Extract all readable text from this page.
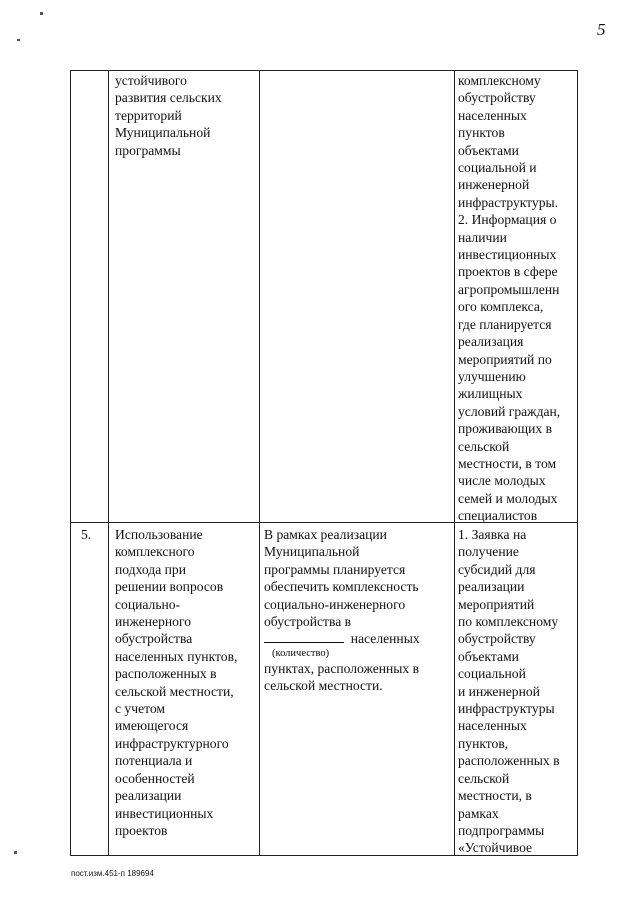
5
устойчивого
развития сельских
территорий
Муниципальной
программы
комплексному
обустройству
населенных
пунктов
объектами
социальной и
инженерной
инфраструктуры.
2. Информация о
наличии
инвестиционных
проектов в сфере
агропромышленн
ого комплекса,
где планируется
реализация
мероприятий по
улучшению
жилищных
условий граждан,
проживающих в
сельской
местности, в том
числе молодых
семей и молодых
специалистов
5.	Использование
комплексного
подхода при
решении вопросов
социально-
инженерного
обустройства
населенных пунктов,
расположенных в
сельской местности,
с учетом
имеющегося
инфраструктурного
потенциала и
особенностей
реализации
инвестиционных
проектов
В рамках реализации
Муниципальной
программы планируется
обеспечить комплексность
социально-инженерного
обустройства в
населенных
(количество)
пунктах, расположенных в
сельской местности.
1. Заявка на
получение
субсидий для
реализации
мероприятий
по комплексному
обустройству
объектами
социальной
и инженерной
инфраструктуры
населенных
пунктов,
расположенных в
сельской
местности, в
рамках
подпрограммы
«Устойчивое
пост.изм.451-п 189694
